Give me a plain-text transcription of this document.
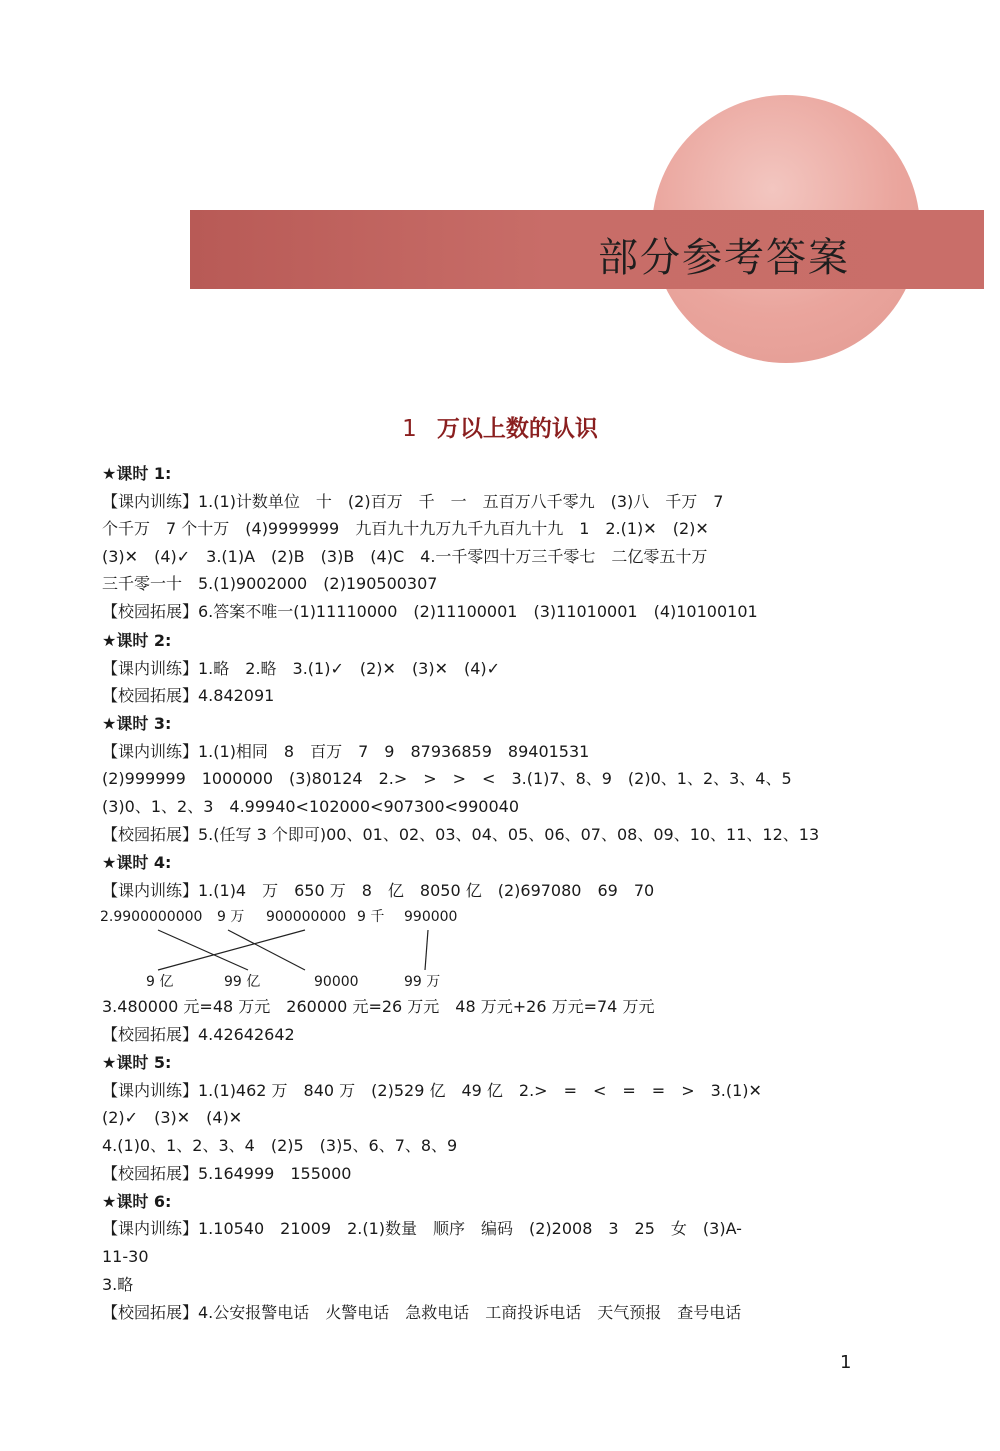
部分参考答案
1 万以上数的认识
★课时 1:
【课内训练】1.(1)计数单位　十　(2)百万　千　一　五百万八千零九　(3)八　千万　7
个千万　7 个十万　(4)9999999　九百九十九万九千九百九十九　1　2.(1)✕　(2)✕
(3)✕　(4)✓　3.(1)A　(2)B　(3)B　(4)C　4.一千零四十万三千零七　二亿零五十万
三千零一十　5.(1)9002000　(2)190500307
【校园拓展】6.答案不唯一(1)11110000　(2)11100001　(3)11010001　(4)10100101
★课时 2:
【课内训练】1.略　2.略　3.(1)✓　(2)✕　(3)✕　(4)✓
【校园拓展】4.842091
★课时 3:
【课内训练】1.(1)相同　8　百万　7　9　87936859　89401531
(2)999999　1000000　(3)80124　2.>　>　>　<　3.(1)7、8、9　(2)0、1、2、3、4、5
(3)0、1、2、3　4.99940<102000<907300<990040
【校园拓展】5.(任写 3 个即可)00、01、02、03、04、05、06、07、08、09、10、11、12、13
★课时 4:
【课内训练】1.(1)4　万　650 万　8　亿　8050 亿　(2)697080　69　70
2.9900000000 9 万 900000000 9 千 990000
9 亿	99 亿	90000	99 万
3.480000 元=48 万元　260000 元=26 万元　48 万元+26 万元=74 万元
【校园拓展】4.42642642
★课时 5:
【课内训练】1.(1)462 万　840 万　(2)529 亿　49 亿　2.>　=　<　=　=　>　3.(1)✕
(2)✓　(3)✕　(4)✕
4.(1)0、1、2、3、4　(2)5　(3)5、6、7、8、9
【校园拓展】5.164999　155000
★课时 6:
【课内训练】1.10540　21009　2.(1)数量　顺序　编码　(2)2008　3　25　女　(3)A-
11-30
3.略
【校园拓展】4.公安报警电话　火警电话　急救电话　工商投诉电话　天气预报　查号电话
1
